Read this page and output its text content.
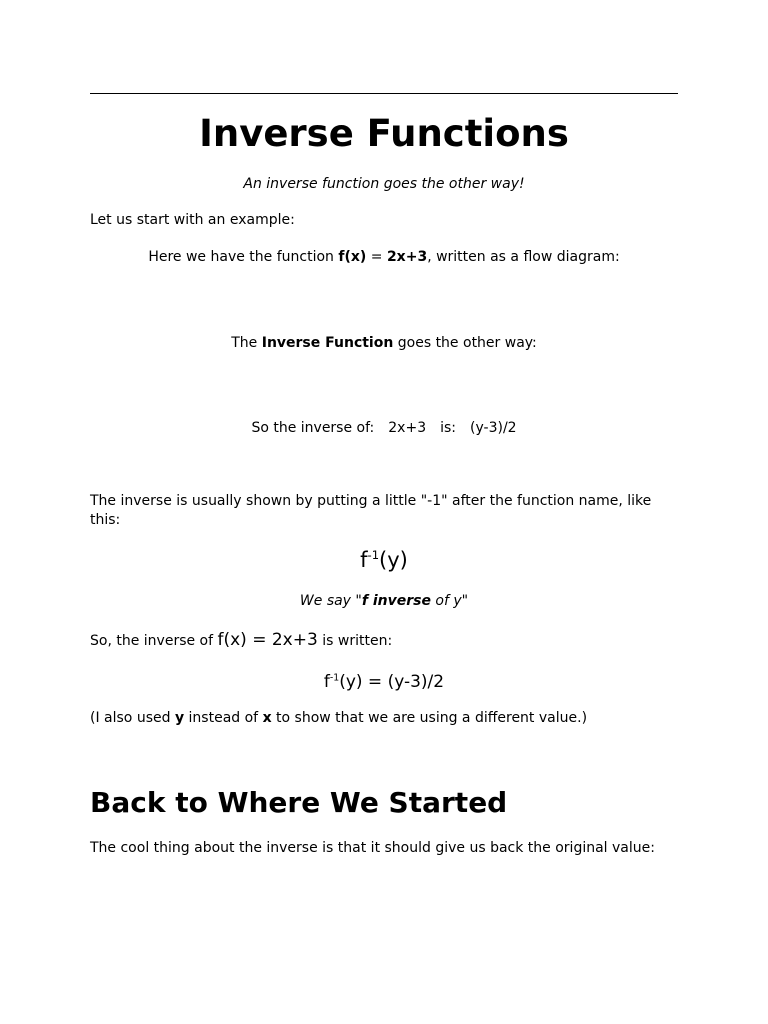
Inverse Functions
An inverse function goes the other way!
Let us start with an example:
Here we have the function f(x) = 2x+3, written as a flow diagram:
The Inverse Function goes the other way:
So the inverse of: 2x+3 is: (y-3)/2
The inverse is usually shown by putting a little "-1" after the function name, like this:
$f^{-1}(y)$
We say "f inverse of y"
So, the inverse of f(x) = 2x+3 is written:
$f^{-1}(y) = (y-3)/2$
(I also used y instead of x to show that we are using a different value.)
Back to Where We Started
The cool thing about the inverse is that it should give us back the original value:
